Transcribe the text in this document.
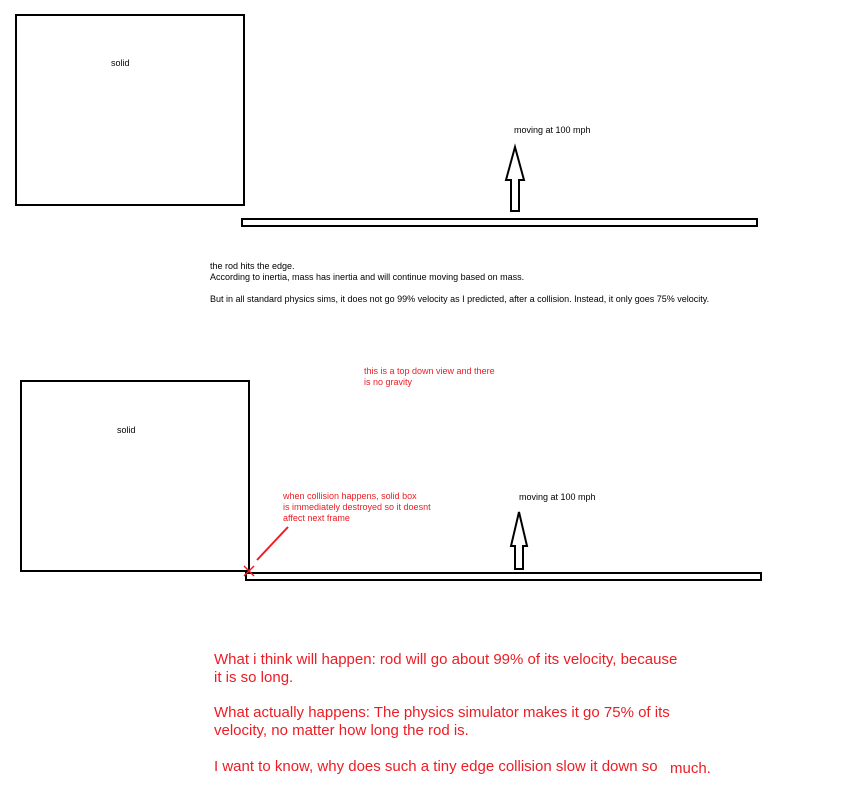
solid
moving at 100 mph
the rod hits the edge.
According to inertia, mass has inertia and will continue moving based on mass.
But in all standard physics sims, it does not go 99% velocity as I predicted, after a collision. Instead, it only goes 75% velocity.
this is a top down view and there
is no gravity
solid
moving at 100 mph
when collision happens, solid box
is immediately destroyed so it doesnt
affect next frame
What i think will happen: rod will go about 99% of its velocity, because
it is so long.
What actually happens: The physics simulator makes it go 75% of its
velocity, no matter how long the rod is.
I want to know, why does such a tiny edge collision slow it down so much.
